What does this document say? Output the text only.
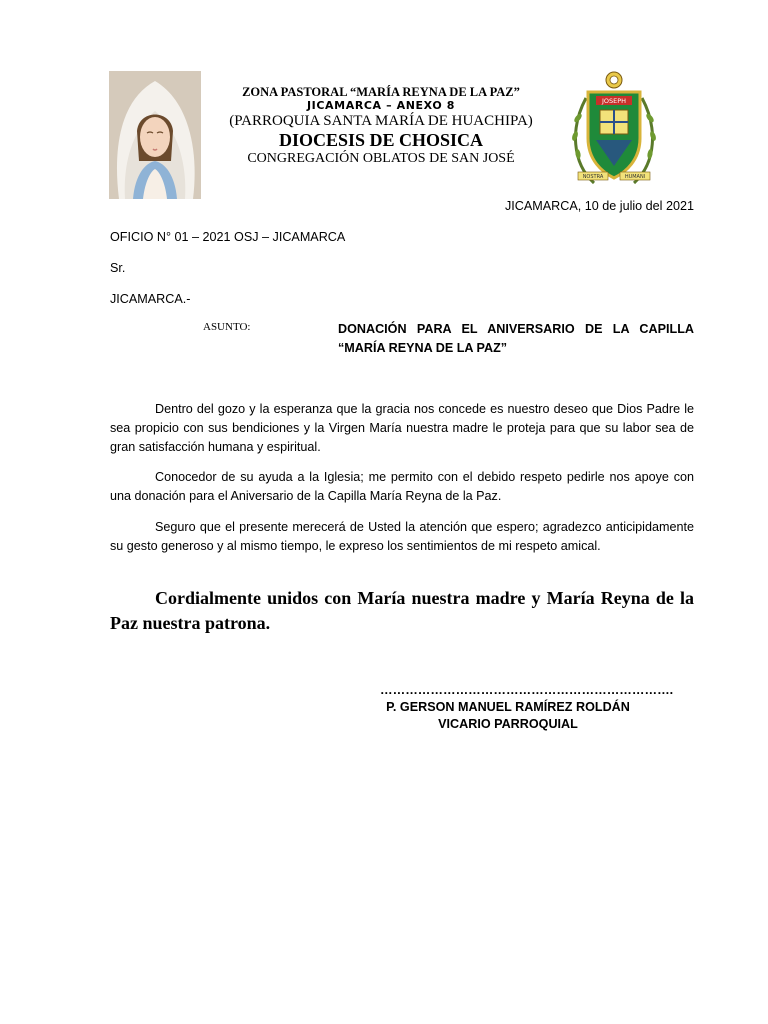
ZONA PASTORAL “MARÍA REYNA DE LA PAZ”
JICAMARCA – ANEXO 8
(PARROQUIA SANTA MARÍA DE HUACHIPA)
DIOCESIS DE CHOSICA
CONGREGACIÓN OBLATOS DE SAN JOSÉ
JOSEPH
NOSTRA	HUMANI
JICAMARCA, 10 de julio del 2021
OFICIO N° 01 – 2021 OSJ – JICAMARCA
Sr.
JICAMARCA.-
ASUNTO:	DONACIÓN PARA EL ANIVERSARIO DE LA CAPILLA “MARÍA REYNA DE LA PAZ”
Dentro del gozo y la esperanza que la gracia nos concede es nuestro deseo que Dios Padre le sea propicio con sus bendiciones y la Virgen María nuestra madre le proteja para que su labor sea de gran satisfacción humana y espiritual.
Conocedor de su ayuda a la Iglesia; me permito con el debido respeto pedirle nos apoye con una donación para el Aniversario de la Capilla María Reyna de la Paz.
Seguro que el presente merecerá de Usted la atención que espero; agradezco anticipidamente su gesto generoso y al mismo tiempo, le expreso los sentimientos de mi respeto amical.
Cordialmente unidos con María nuestra madre y María Reyna de la Paz nuestra patrona.
…………………………………………………………….
P. GERSON MANUEL RAMÍREZ ROLDÁN
VICARIO PARROQUIAL
